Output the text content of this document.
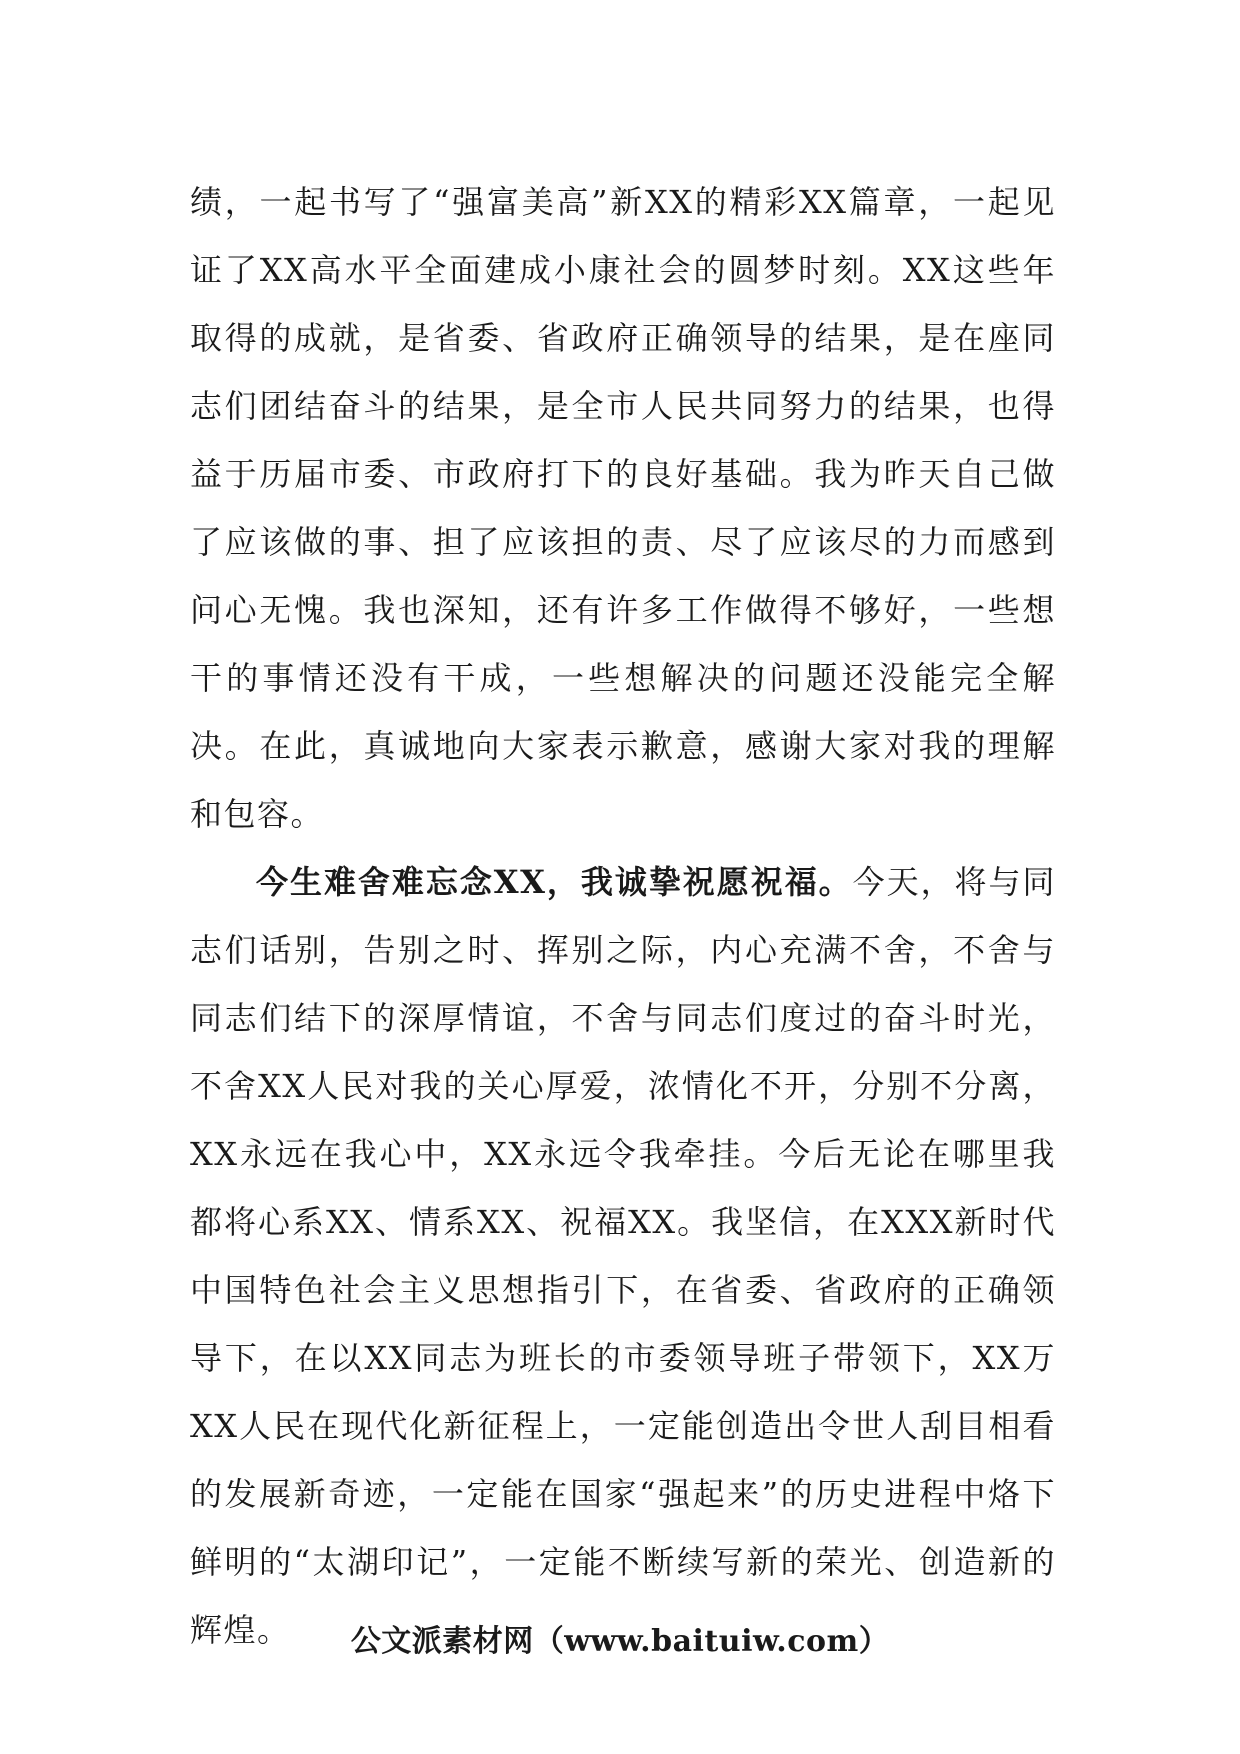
绩，一起书写了“强富美高”新XX的精彩XX篇章，一起见证了XX高水平全面建成小康社会的圆梦时刻。XX这些年取得的成就，是省委、省政府正确领导的结果，是在座同志们团结奋斗的结果，是全市人民共同努力的结果，也得益于历届市委、市政府打下的良好基础。我为昨天自己做了应该做的事、担了应该担的责、尽了应该尽的力而感到问心无愧。我也深知，还有许多工作做得不够好，一些想干的事情还没有干成，一些想解决的问题还没能完全解决。在此，真诚地向大家表示歉意，感谢大家对我的理解和包容。

今生难舍难忘念XX，我诚挚祝愿祝福。今天，将与同志们话别，告别之时、挥别之际，内心充满不舍，不舍与同志们结下的深厚情谊，不舍与同志们度过的奋斗时光，不舍XX人民对我的关心厚爱，浓情化不开，分别不分离，XX永远在我心中，XX永远令我牵挂。今后无论在哪里我都将心系XX、情系XX、祝福XX。我坚信，在XXX新时代中国特色社会主义思想指引下，在省委、省政府的正确领导下，在以XX同志为班长的市委领导班子带领下，XX万XX人民在现代化新征程上，一定能创造出令世人刮目相看的发展新奇迹，一定能在国家“强起来”的历史进程中烙下鲜明的“太湖印记”，一定能不断续写新的荣光、创造新的辉煌。	公文派素材网（www.baituiw.com）
